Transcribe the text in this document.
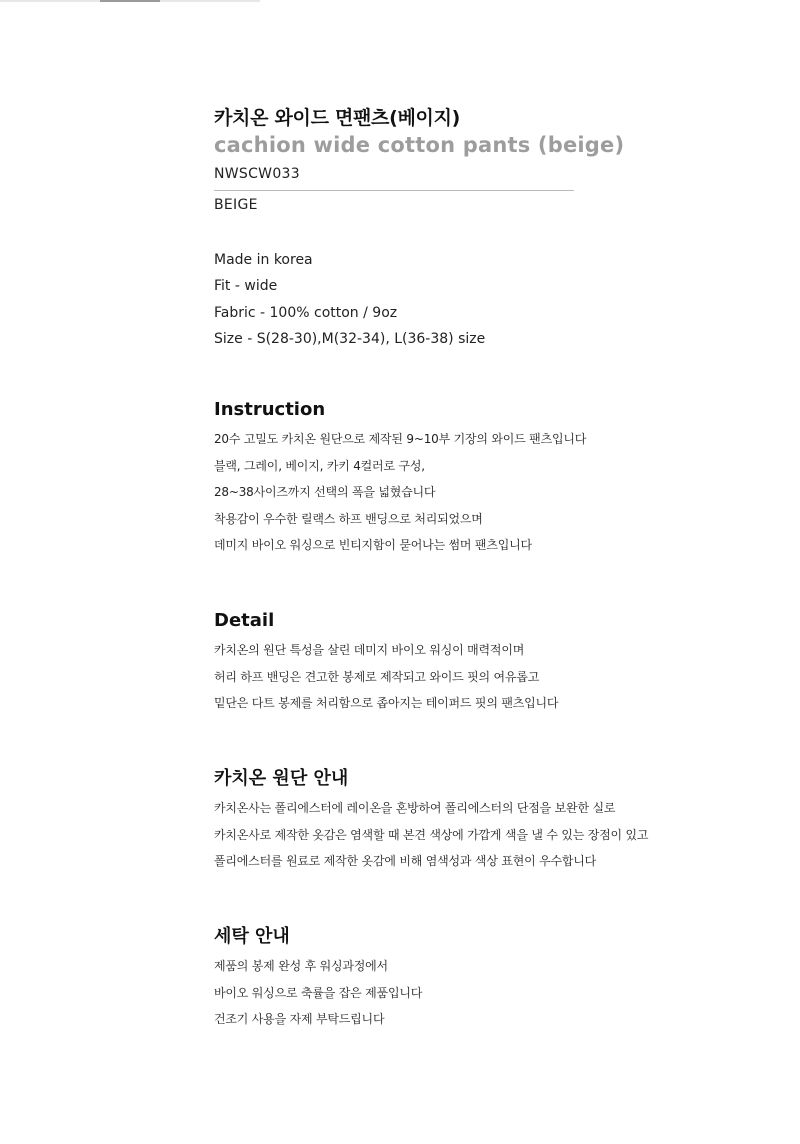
카치온 와이드 면팬츠(베이지)
cachion wide cotton pants (beige)
NWSCW033
BEIGE
Made in korea
Fit - wide
Fabric - 100% cotton / 9oz
Size - S(28-30),M(32-34), L(36-38) size
Instruction
20수 고밀도 카치온 원단으로 제작된 9~10부 기장의 와이드 팬츠입니다
블랙, 그레이, 베이지, 카키 4컬러로 구성,
28~38사이즈까지 선택의 폭을 넓혔습니다
착용감이 우수한 릴랙스 하프 밴딩으로 처리되었으며
데미지 바이오 워싱으로 빈티지함이 묻어나는 썸머 팬츠입니다
Detail
카치온의 원단 특성을 살린 데미지 바이오 워싱이 매력적이며
허리 하프 밴딩은 견고한 봉제로 제작되고 와이드 핏의 여유롭고
밑단은 다트 봉제를 처리함으로 좁아지는 테이퍼드 핏의 팬츠입니다
카치온 원단 안내
카치온사는 폴리에스터에 레이온을 혼방하여 폴리에스터의 단점을 보완한 실로
카치온사로 제작한 옷감은 염색할 때 본견 색상에 가깝게 색을 낼 수 있는 장점이 있고
폴리에스터를 원료로 제작한 옷감에 비해 염색성과 색상 표현이 우수합니다
세탁 안내
제품의 봉제 완성 후 워싱과정에서
바이오 워싱으로 축률을 잡은 제품입니다
건조기 사용을 자제 부탁드립니다
